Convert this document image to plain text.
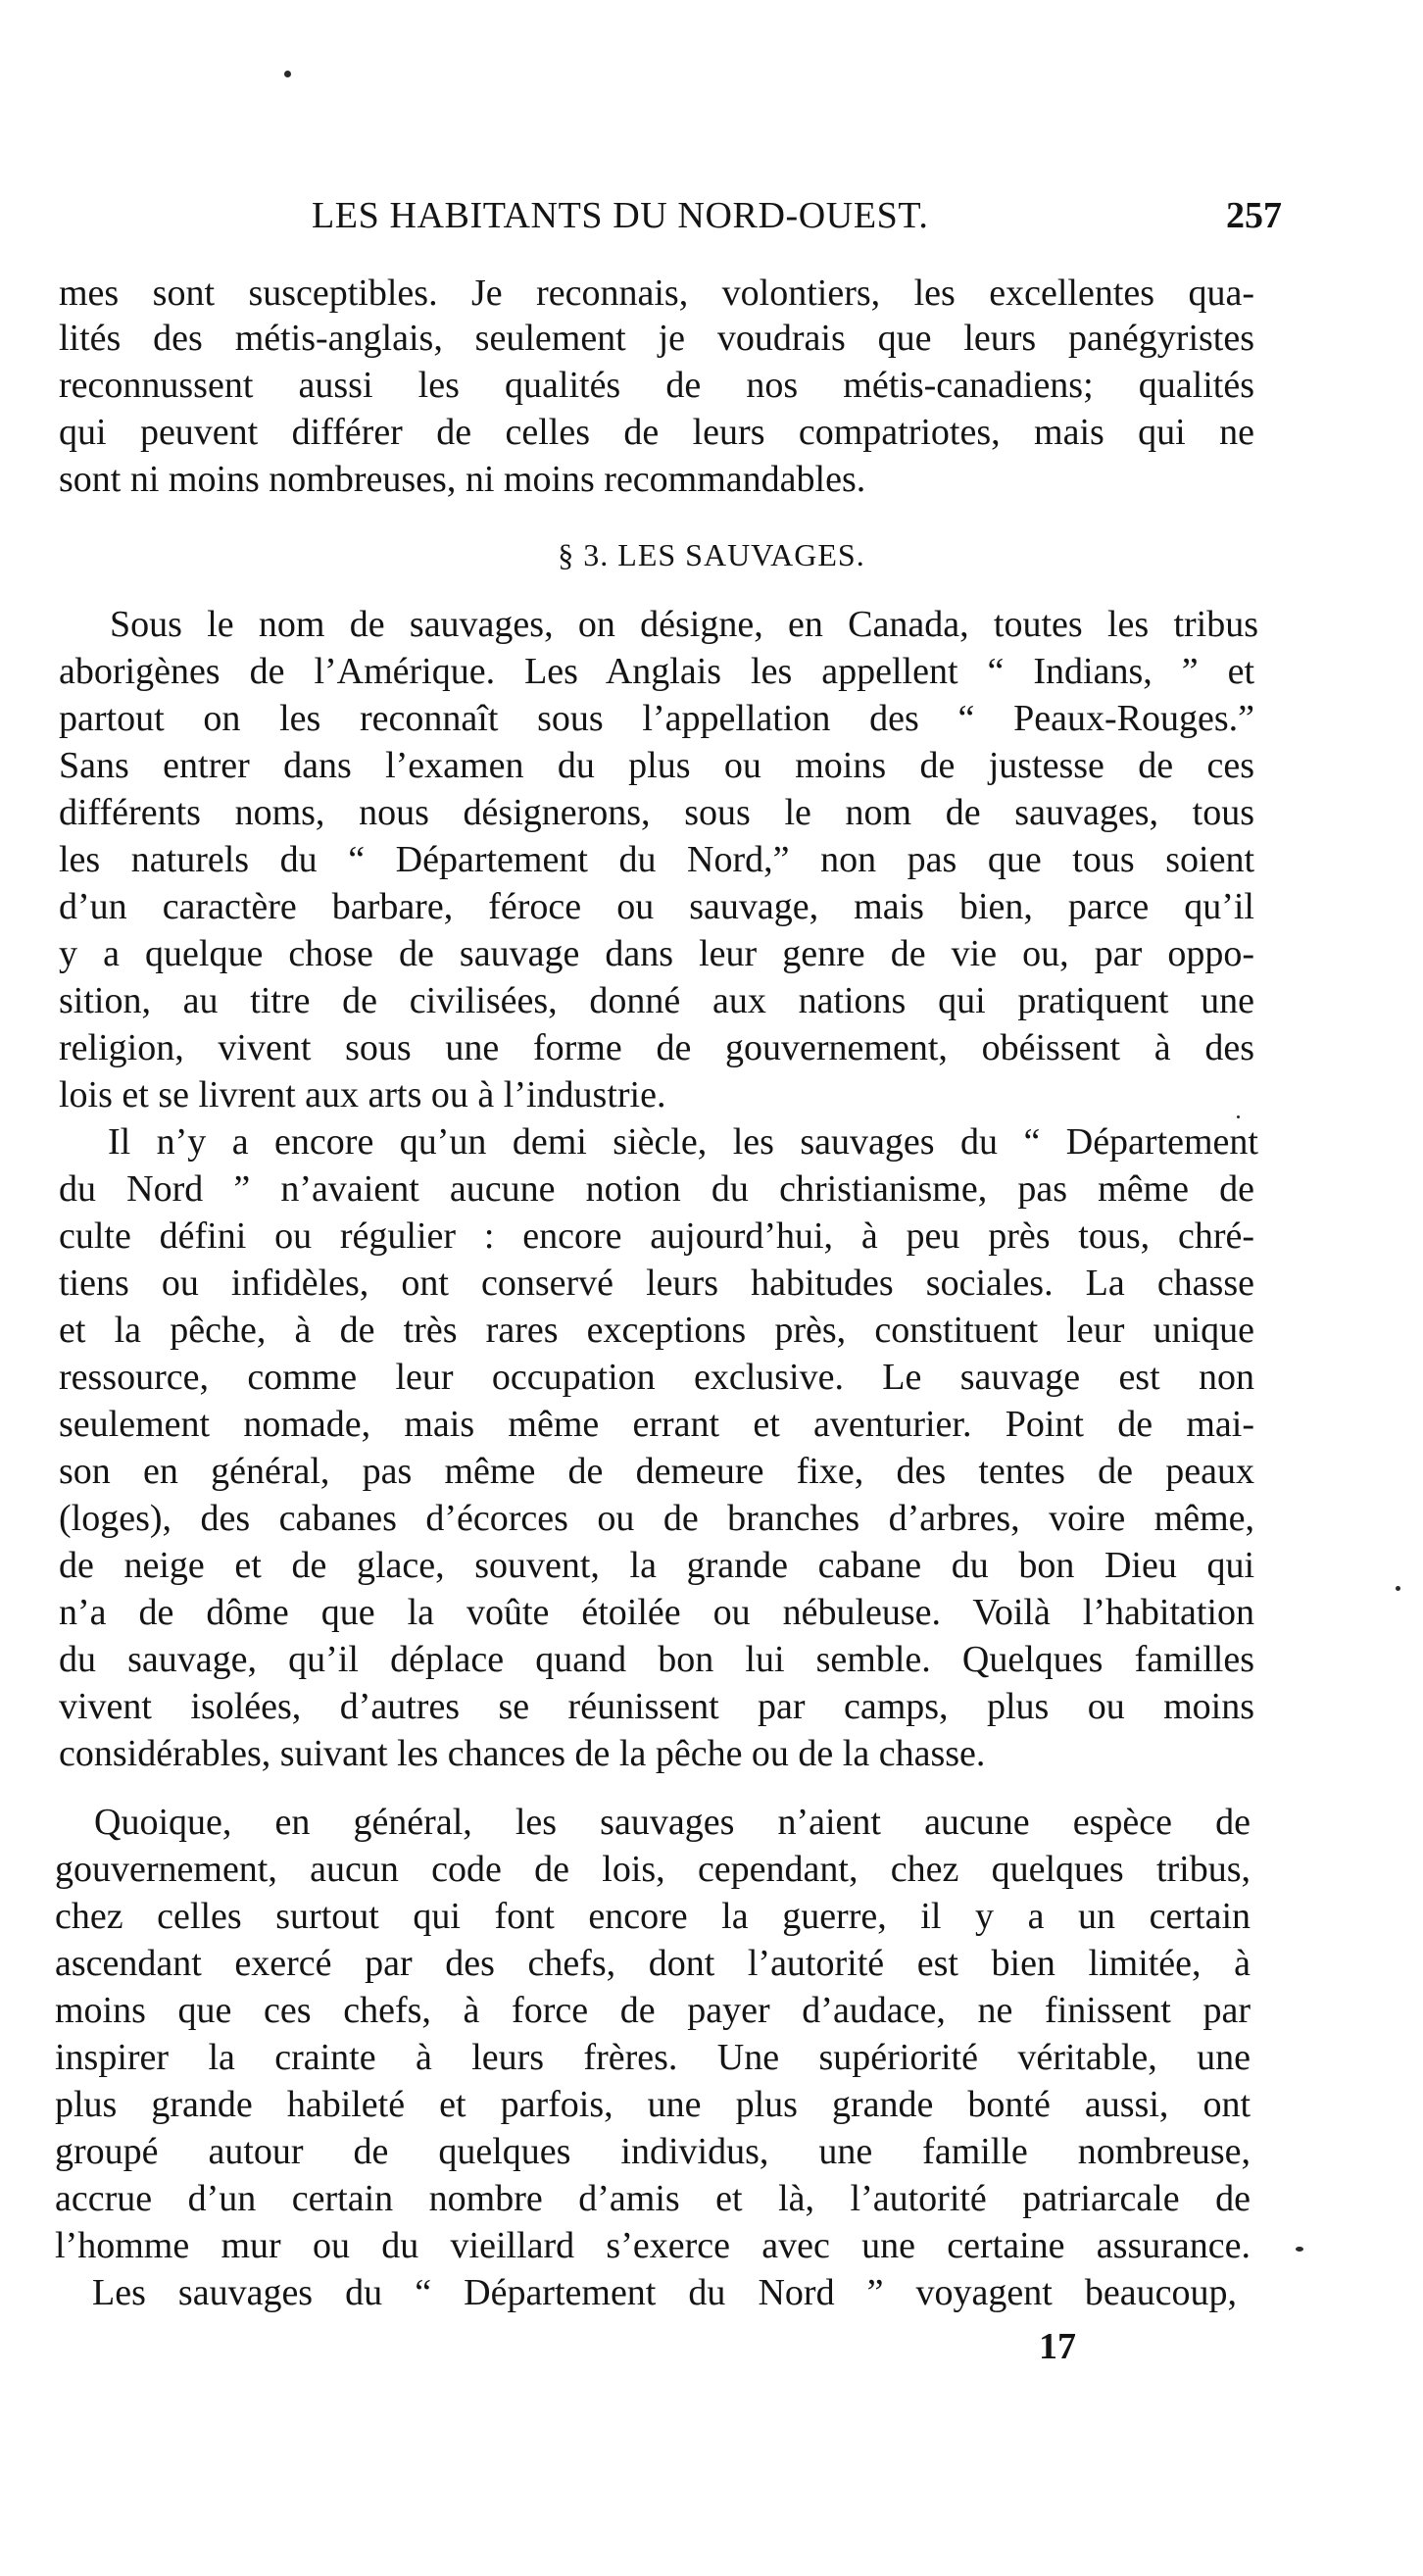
LES HABITANTS DU NORD-OUEST.	257
mes sont susceptibles. Je reconnais, volontiers, les excellentes qua-
lités des métis-anglais, seulement je voudrais que leurs panégyristes
reconnussent aussi les qualités de nos métis-canadiens; qualités
qui peuvent différer de celles de leurs compatriotes, mais qui ne
sont ni moins nombreuses, ni moins recommandables.
§ 3. LES SAUVAGES.
Sous le nom de sauvages, on désigne, en Canada, toutes les tribus
aborigènes de l’Amérique. Les Anglais les appellent “ Indians, ” et
partout on les reconnaît sous l’appellation des “ Peaux-Rouges.”
Sans entrer dans l’examen du plus ou moins de justesse de ces
différents noms, nous désignerons, sous le nom de sauvages, tous
les naturels du “ Département du Nord,” non pas que tous soient
d’un caractère barbare, féroce ou sauvage, mais bien, parce qu’il
y a quelque chose de sauvage dans leur genre de vie ou, par oppo-
sition, au titre de civilisées, donné aux nations qui pratiquent une
religion, vivent sous une forme de gouvernement, obéissent à des
lois et se livrent aux arts ou à l’industrie.
Il n’y a encore qu’un demi siècle, les sauvages du “ Département
du Nord ” n’avaient aucune notion du christianisme, pas même de
culte défini ou régulier : encore aujourd’hui, à peu près tous, chré-
tiens ou infidèles, ont conservé leurs habitudes sociales. La chasse
et la pêche, à de très rares exceptions près, constituent leur unique
ressource, comme leur occupation exclusive. Le sauvage est non
seulement nomade, mais même errant et aventurier. Point de mai-
son en général, pas même de demeure fixe, des tentes de peaux
(loges), des cabanes d’écorces ou de branches d’arbres, voire même,
de neige et de glace, souvent, la grande cabane du bon Dieu qui
n’a de dôme que la voûte étoilée ou nébuleuse. Voilà l’habitation
du sauvage, qu’il déplace quand bon lui semble. Quelques familles
vivent isolées, d’autres se réunissent par camps, plus ou moins
considérables, suivant les chances de la pêche ou de la chasse.
Quoique, en général, les sauvages n’aient aucune espèce de
gouvernement, aucun code de lois, cependant, chez quelques tribus,
chez celles surtout qui font encore la guerre, il y a un certain
ascendant exercé par des chefs, dont l’autorité est bien limitée, à
moins que ces chefs, à force de payer d’audace, ne finissent par
inspirer la crainte à leurs frères. Une supériorité véritable, une
plus grande habileté et parfois, une plus grande bonté aussi, ont
groupé autour de quelques individus, une famille nombreuse,
accrue d’un certain nombre d’amis et là, l’autorité patriarcale de
l’homme mur ou du vieillard s’exerce avec une certaine assurance.
Les sauvages du “ Département du Nord ” voyagent beaucoup,
17
